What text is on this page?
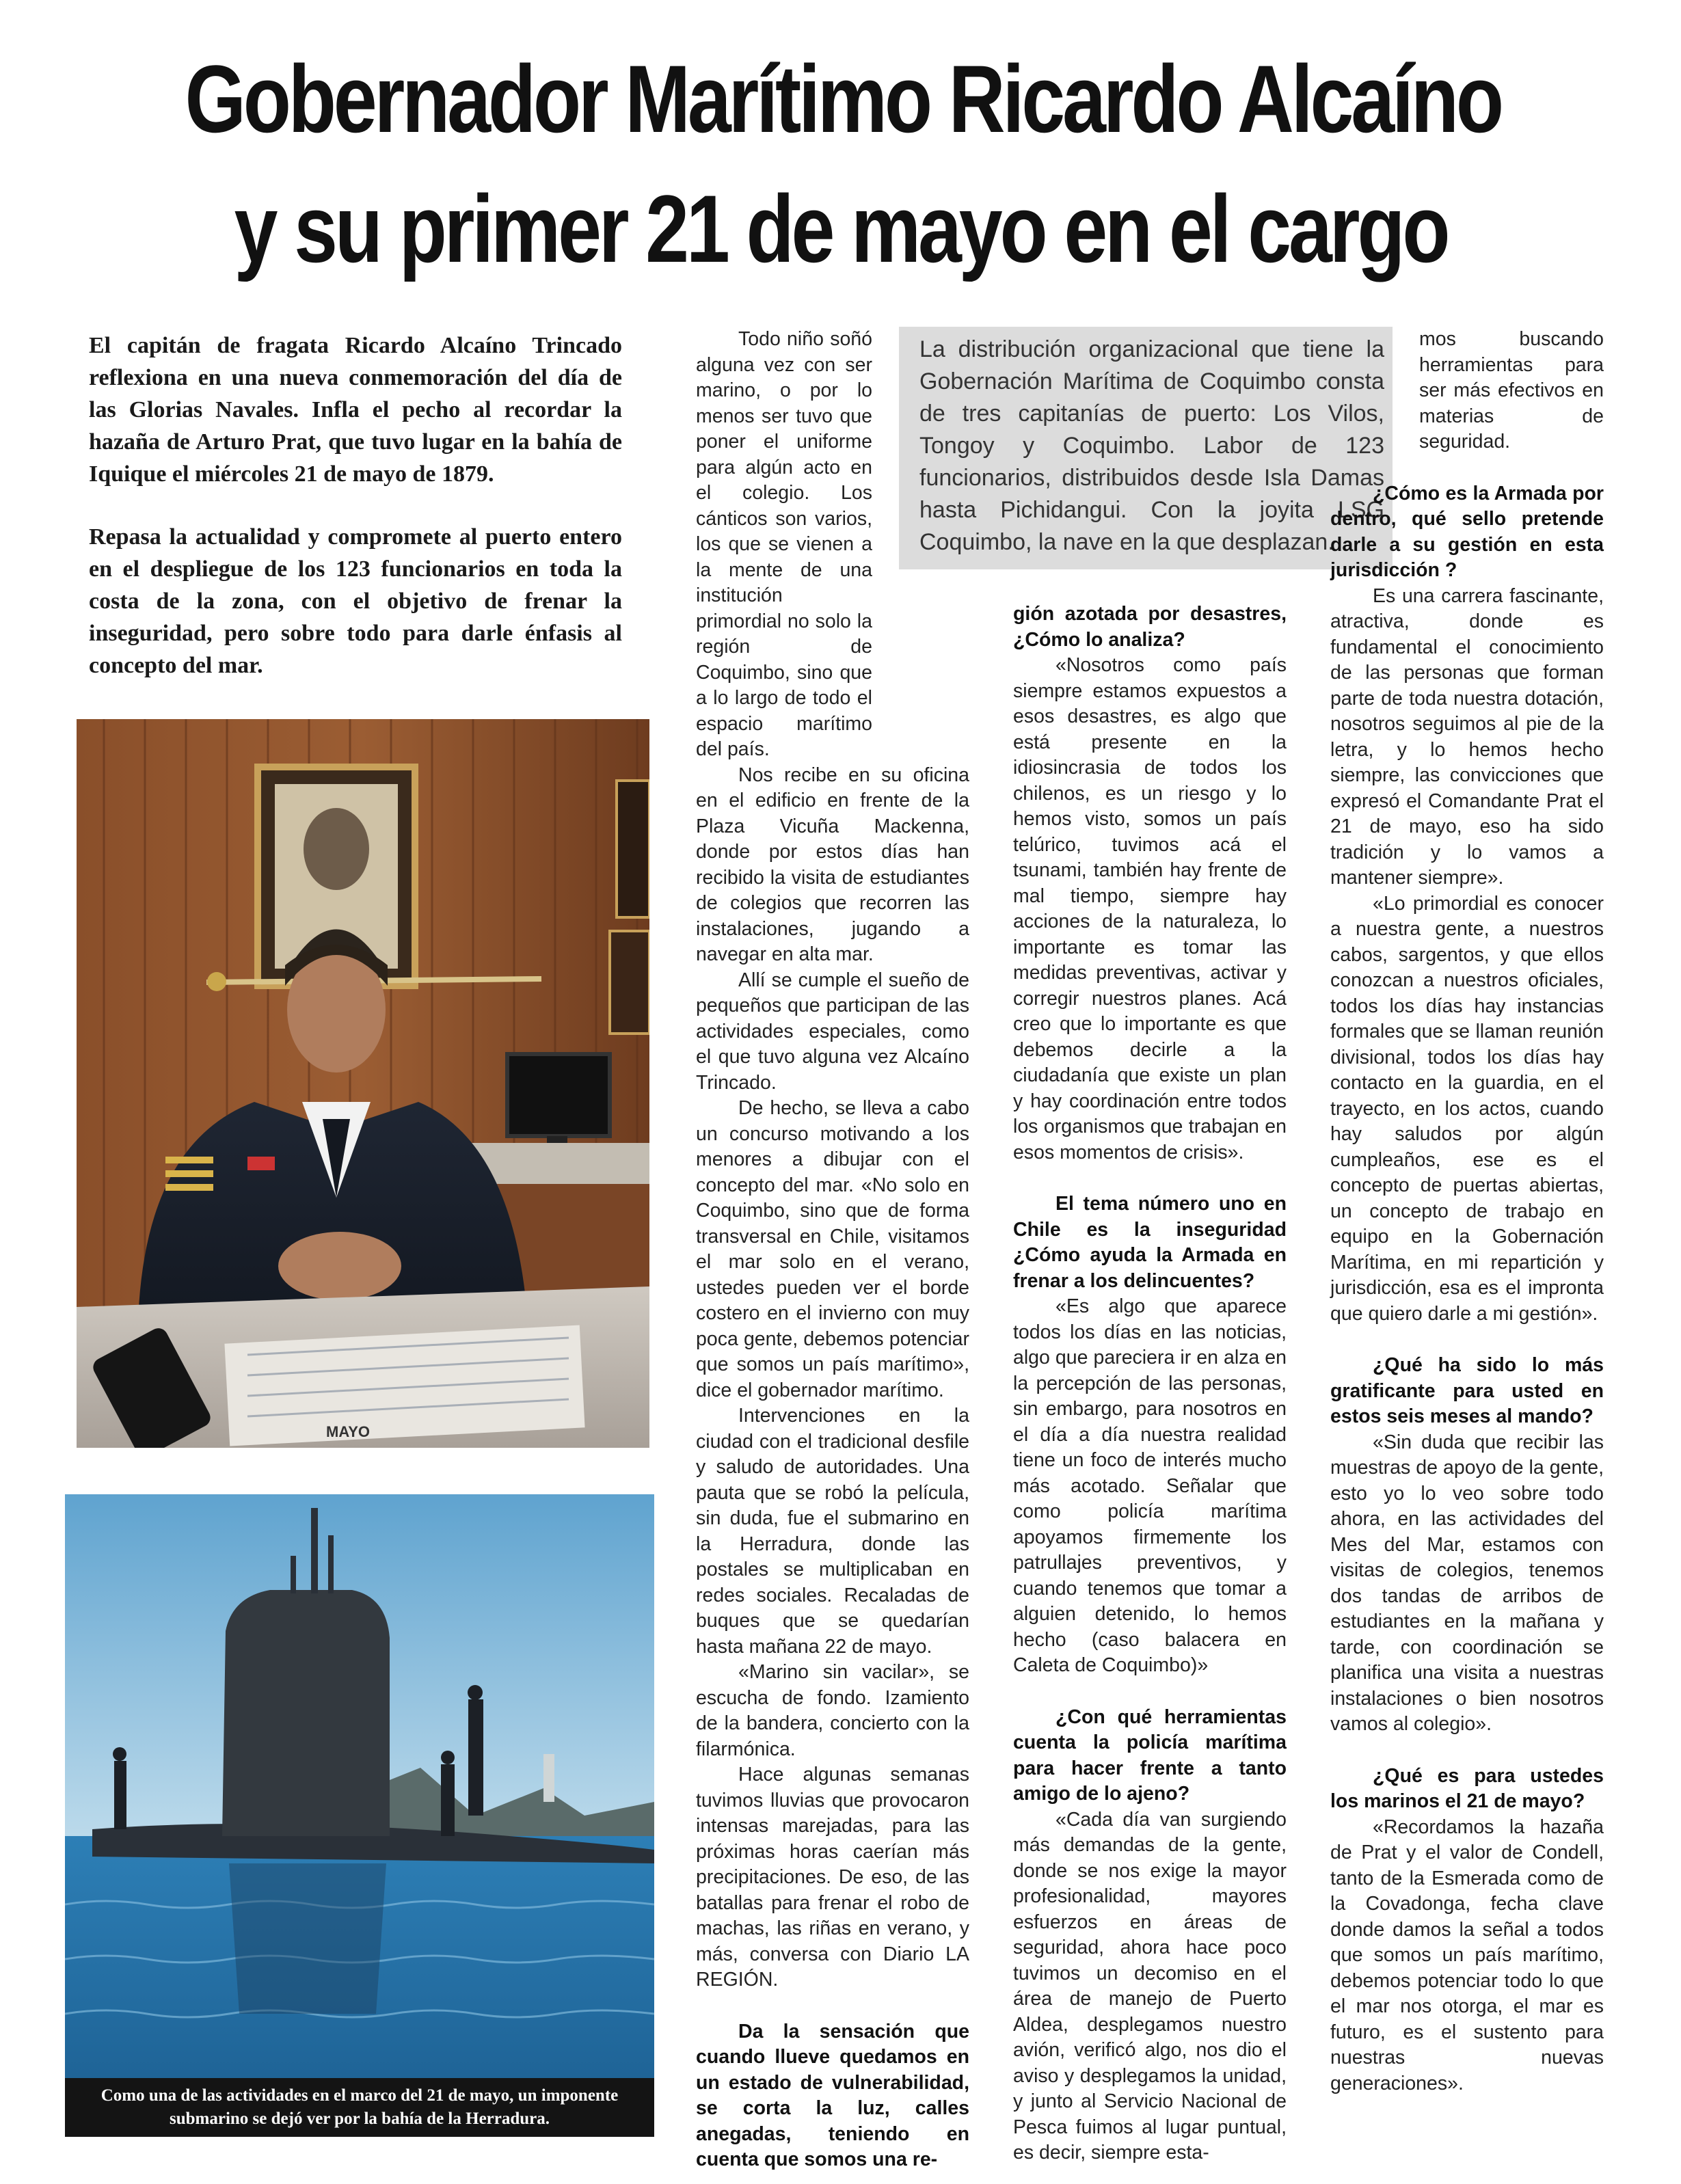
Gobernador Marítimo Ricardo Alcaíno
y su primer 21 de mayo en el cargo

El capitán de fragata Ricardo Alcaíno Trincado reflexiona en una nueva conmemoración del día de las Glorias Navales. Infla el pecho al recordar la hazaña de Arturo Prat, que tuvo lugar en la bahía de Iquique el miércoles 21 de mayo de 1879.

Repasa la actualidad y compromete al puerto entero en el despliegue de los 123 funcionarios en toda la costa de la zona, con el objetivo de frenar la inseguridad, pero sobre todo para darle énfasis al concepto del mar.

MAYO
Como una de las actividades en el marco del 21 de mayo, un imponente submarino se dejó ver por la bahía de la Herradura.
La distribución organizacional que tiene la Gobernación Marítima de Coquimbo consta de tres capitanías de puerto: Los Vilos, Tongoy y Coquimbo. Labor de 123 funcionarios, distribuidos desde Isla Damas hasta Pichidangui. Con la joyita LSG Coquimbo, la nave en la que desplazan.

Todo niño soñó alguna vez con ser marino, o por lo menos ser tuvo que poner el uniforme para algún acto en el colegio. Los cánticos son varios, los que se vienen a la mente de una institución primordial no solo la región de Coquimbo, sino que a lo largo de todo el espacio marítimo del país.

Nos recibe en su oficina en el edificio en frente de la Plaza Vicuña Mackenna, donde por estos días han recibido la visita de estudiantes de colegios que recorren las instalaciones, jugando a navegar en alta mar.

Allí se cumple el sueño de pequeños que participan de las actividades especiales, como el que tuvo alguna vez Alcaíno Trincado.

De hecho, se lleva a cabo un concurso motivando a los menores a dibujar con el concepto del mar. «No solo en Coquimbo, sino que de forma transversal en Chile, visitamos el mar solo en el verano, ustedes pueden ver el borde costero en el invierno con muy poca gente, debemos potenciar que somos un país marítimo», dice el gobernador marítimo.

Intervenciones en la ciudad con el tradicional desfile y saludo de autoridades. Una pauta que se robó la película, sin duda, fue el submarino en la Herradura, donde las postales se multiplicaban en redes sociales. Recaladas de buques que se quedarían hasta mañana 22 de mayo.

«Marino sin vacilar», se escucha de fondo. Izamiento de la bandera, concierto con la filarmónica.

Hace algunas semanas tuvimos lluvias que provocaron intensas marejadas, para las próximas horas caerían más precipitaciones. De eso, de las batallas para frenar el robo de machas, las riñas en verano, y más, conversa con Diario LA REGIÓN.

Da la sensación que cuando llueve quedamos en un estado de vulnerabilidad, se corta la luz, calles anegadas, teniendo en cuenta que somos una re-

gión azotada por desastres, ¿Cómo lo analiza?

«Nosotros como país siempre estamos expuestos a esos desastres, es algo que está presente en la idiosincrasia de todos los chilenos, es un riesgo y lo hemos visto, somos un país telúrico, tuvimos acá el tsunami, también hay frente de mal tiempo, siempre hay acciones de la naturaleza, lo importante es tomar las medidas preventivas, activar y corregir nuestros planes. Acá creo que lo importante es que debemos decirle a la ciudadanía que existe un plan y hay coordinación entre todos los organismos que trabajan en esos momentos de crisis».

El tema número uno en Chile es la inseguridad ¿Cómo ayuda la Armada en frenar a los delincuentes?

«Es algo que aparece todos los días en las noticias, algo que pareciera ir en alza en la percepción de las personas, sin embargo, para nosotros en el día a día nuestra realidad tiene un foco de interés mucho más acotado. Señalar que como policía marítima apoyamos firmemente los patrullajes preventivos, y cuando tenemos que tomar a alguien detenido, lo hemos hecho (caso balacera en Caleta de Coquimbo)»

¿Con qué herramientas cuenta la policía marítima para hacer frente a tanto amigo de lo ajeno?

«Cada día van surgiendo más demandas de la gente, donde se nos exige la mayor profesionalidad, mayores esfuerzos en áreas de seguridad, ahora hace poco tuvimos un decomiso en el área de manejo de Puerto Aldea, desplegamos nuestro avión, verificó algo, nos dio el aviso y desplegamos la unidad, y junto al Servicio Nacional de Pesca fuimos al lugar puntual, es decir, siempre esta-

mos buscando herramientas para ser más efectivos en materias de seguridad.

¿Cómo es la Armada por dentro, qué sello pretende darle a su gestión en esta jurisdicción ?

Es una carrera fascinante, atractiva, donde es fundamental el conocimiento de las personas que forman parte de toda nuestra dotación, nosotros seguimos al pie de la letra, y lo hemos hecho siempre, las convicciones que expresó el Comandante Prat el 21 de mayo, eso ha sido tradición y lo vamos a mantener siempre».

«Lo primordial es conocer a nuestra gente, a nuestros cabos, sargentos, y que ellos conozcan a nuestros oficiales, todos los días hay instancias formales que se llaman reunión divisional, todos los días hay contacto en la guardia, en el trayecto, en los actos, cuando hay saludos por algún cumpleaños, ese es el concepto de puertas abiertas, un concepto de trabajo en equipo en la Gobernación Marítima, en mi repartición y jurisdicción, esa es el impronta que quiero darle a mi gestión».

¿Qué ha sido lo más gratificante para usted en estos seis meses al mando?

«Sin duda que recibir las muestras de apoyo de la gente, esto yo lo veo sobre todo ahora, en las actividades del Mes del Mar, estamos con visitas de colegios, tenemos dos tandas de arribos de estudiantes en la mañana y tarde, con coordinación se planifica una visita a nuestras instalaciones o bien nosotros vamos al colegio».

¿Qué es para ustedes los marinos el 21 de mayo?

«Recordamos la hazaña de Prat y el valor de Condell, tanto de la Esmerada como de la Covadonga, fecha clave donde damos la señal a todos que somos un país marítimo, debemos potenciar todo lo que el mar nos otorga, el mar es futuro, es el sustento para nuestras nuevas generaciones».
